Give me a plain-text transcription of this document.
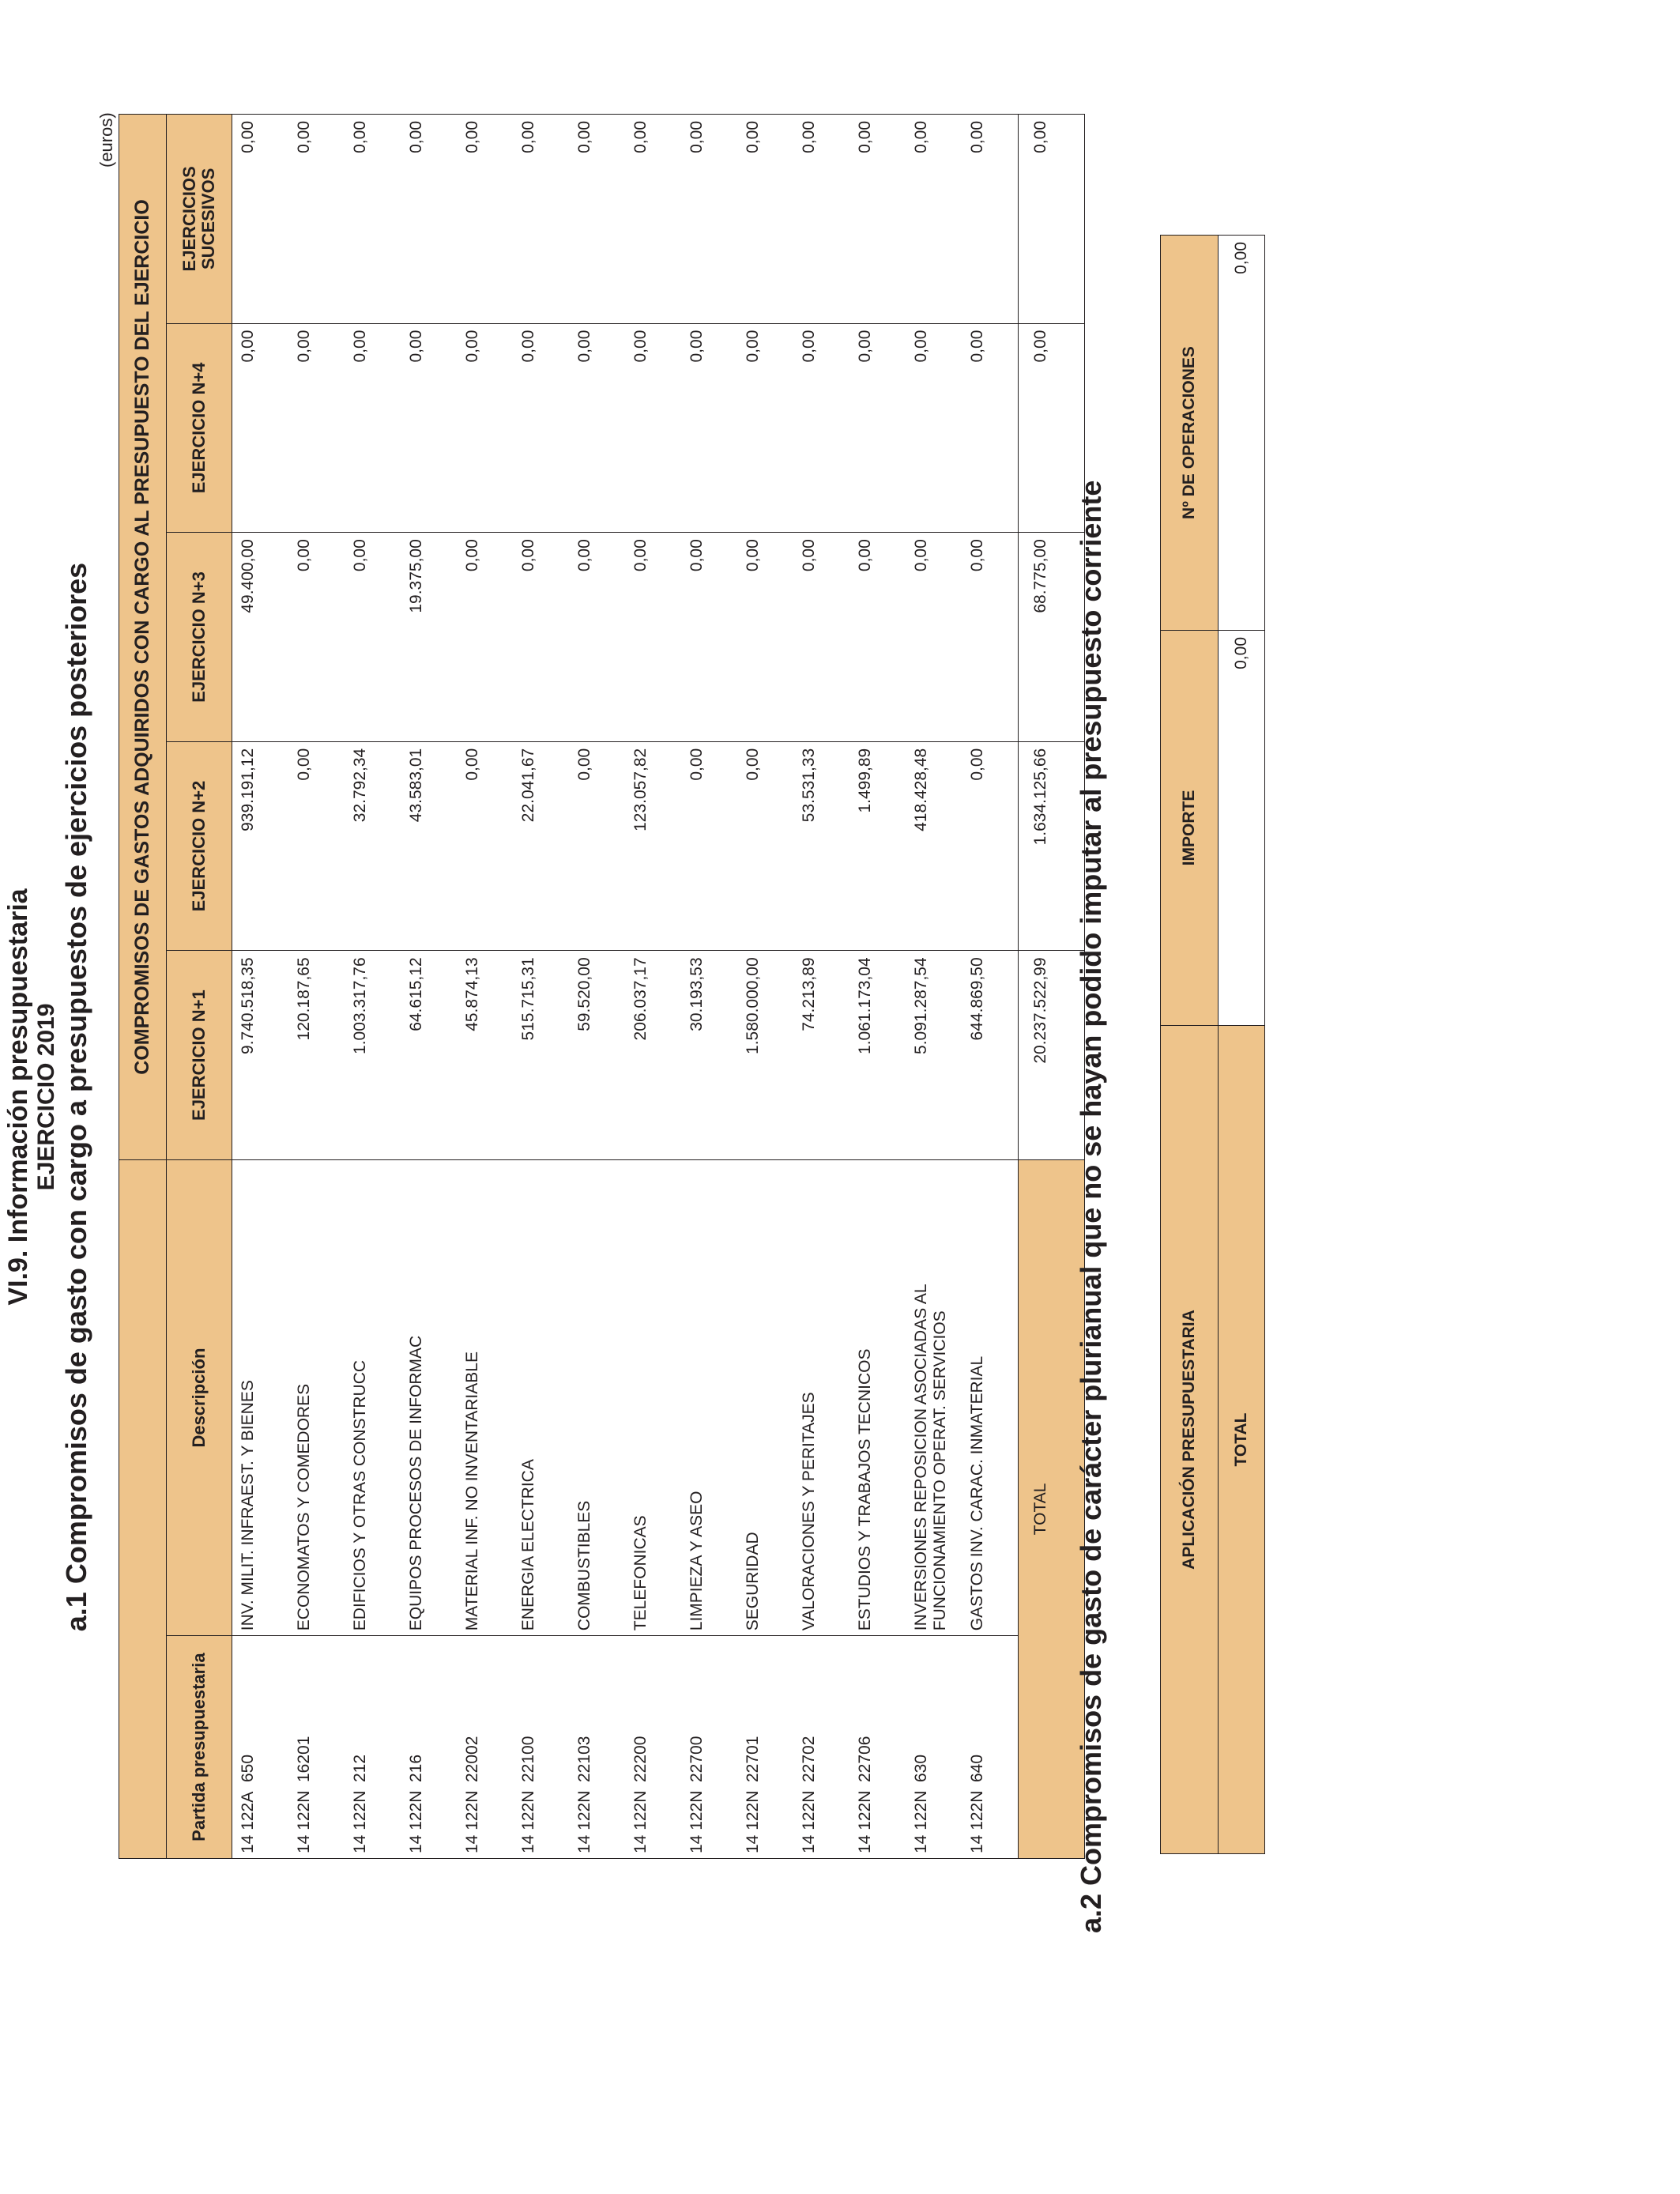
VI.9. Información presupuestaria EJERCICIO 2019 a.1 Compromisos de gasto con cargo a presupuestos de ejercicios posteriores
(euros)
		COMPROMISOS DE GASTOS ADQUIRIDOS CON CARGO AL PRESUPUESTO DEL EJERCICIO				
Partida presupuestaria	Descripción	EJERCICIO N+1	EJERCICIO N+2	EJERCICIO N+3	EJERCICIO N+4	EJERCICIOS SUCESIVOS
14 122A650	INV. MILIT. INFRAEST. Y BIENES	9.740.518,35	939.191,12	49.400,00	0,00	0,00
14 122N16201	ECONOMATOS Y COMEDORES	120.187,65	0,00	0,00	0,00	0,00
14 122N212	EDIFICIOS Y OTRAS CONSTRUCC	1.003.317,76	32.792,34	0,00	0,00	0,00
14 122N216	EQUIPOS PROCESOS DE INFORMAC	64.615,12	43.583,01	19.375,00	0,00	0,00
14 122N22002	MATERIAL INF. NO INVENTARIABLE	45.874,13	0,00	0,00	0,00	0,00
14 122N22100	ENERGIA ELECTRICA	515.715,31	22.041,67	0,00	0,00	0,00
14 122N22103	COMBUSTIBLES	59.520,00	0,00	0,00	0,00	0,00
14 122N22200	TELEFONICAS	206.037,17	123.057,82	0,00	0,00	0,00
14 122N22700	LIMPIEZA Y ASEO	30.193,53	0,00	0,00	0,00	0,00
14 122N22701	SEGURIDAD	1.580.000,00	0,00	0,00	0,00	0,00
14 122N22702	VALORACIONES Y PERITAJES	74.213,89	53.531,33	0,00	0,00	0,00
14 122N22706	ESTUDIOS Y TRABAJOS TECNICOS	1.061.173,04	1.499,89	0,00	0,00	0,00
14 122N630	INVERSIONES REPOSICION ASOCIADAS AL FUNCIONAMIENTO OPERAT. SERVICIOS	5.091.287,54	418.428,48	0,00	0,00	0,00
14 122N640	GASTOS INV. CARAC. INMATERIAL	644.869,50	0,00	0,00	0,00	0,00
TOTAL		20.237.522,99	1.634.125,66	68.775,00	0,00	0,00
a.2 Compromisos de gasto de carácter plurianual que no se hayan podido imputar al presupuesto corriente	APLICACIÓN PRESUPUESTARIA	IMPORTE	Nº DE OPERACIONES
TOTAL	0,00	0,00
